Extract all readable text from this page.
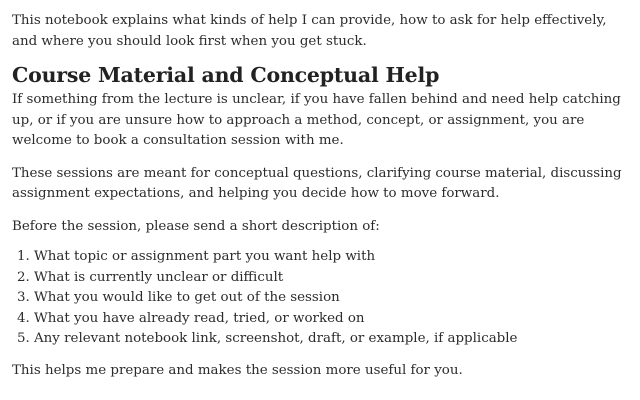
This notebook explains what kinds of help I can provide, how to ask for help effectively, and where you should look first when you get stuck.

Course Material and Conceptual Help

If something from the lecture is unclear, if you have fallen behind and need help catching up, or if you are unsure how to approach a method, concept, or assignment, you are welcome to book a consultation session with me.

These sessions are meant for conceptual questions, clarifying course material, discussing assignment expectations, and helping you decide how to move forward.

Before the session, please send a short description of:

1. What topic or assignment part you want help with
2. What is currently unclear or difficult
3. What you would like to get out of the session
4. What you have already read, tried, or worked on
5. Any relevant notebook link, screenshot, draft, or example, if applicable

This helps me prepare and makes the session more useful for you.
